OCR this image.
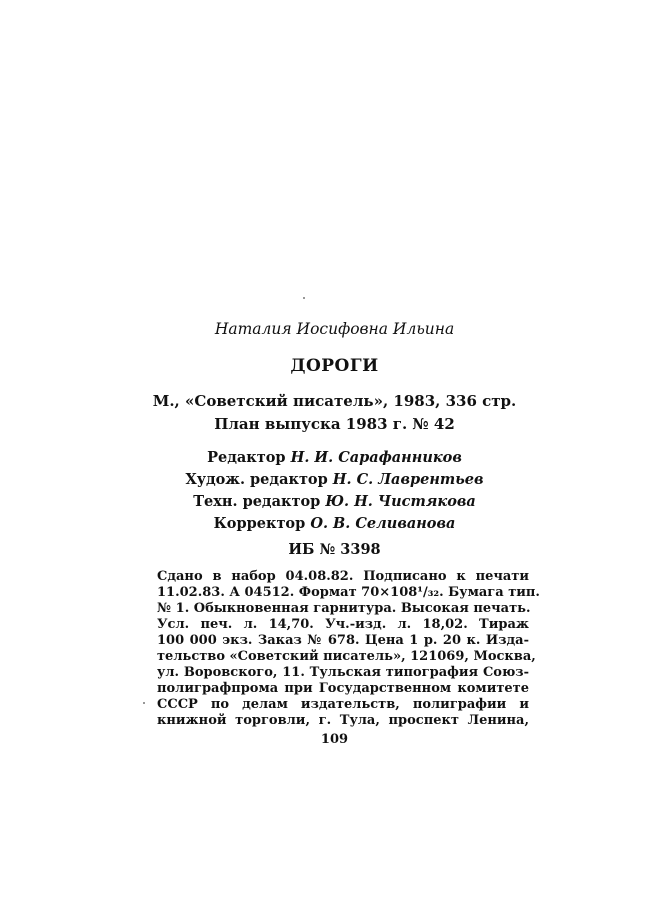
Наталия Иосифовна Ильина
ДОРОГИ
М., «Советский писатель», 1983, 336 стр.
План выпуска 1983 г. № 42
Редактор Н. И. Сарафанников
Худож. редактор Н. С. Лаврентьев
Техн. редактор Ю. Н. Чистякова
Корректор О. В. Селиванова
ИБ № 3398
Сдано в набор 04.08.82. Подписано к печати
11.02.83. А 04512. Формат 70×108¹/₃₂. Бумага тип.
№ 1. Обыкновенная гарнитура. Высокая печать.
Усл. печ. л. 14,70. Уч.-изд. л. 18,02. Тираж
100 000 экз. Заказ № 678. Цена 1 р. 20 к. Изда-
тельство «Советский писатель», 121069, Москва,
ул. Воровского, 11. Тульская типография Союз-
полиграфпрома при Государственном комитете
СССР по делам издательств, полиграфии и
книжной торговли, г. Тула, проспект Ленина,
109
